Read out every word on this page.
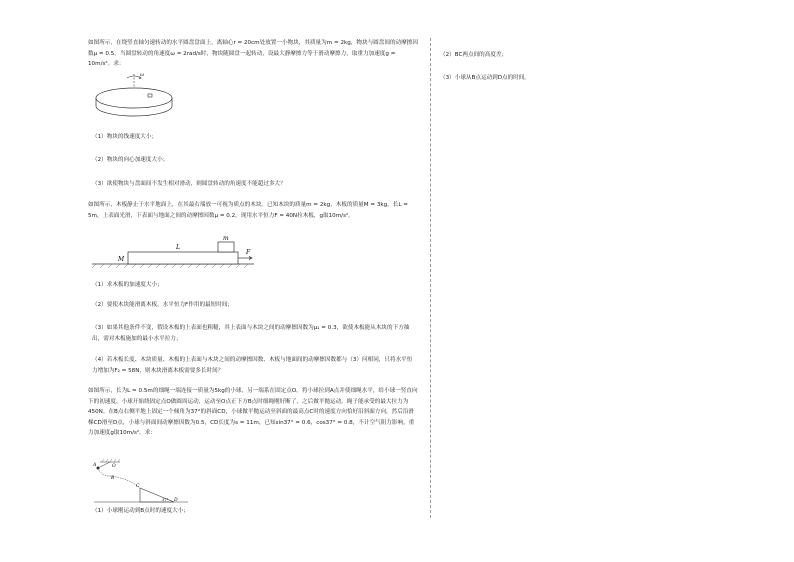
如图所示，在绕竖直轴匀速转动的水平圆盘盘面上，离轴心r = 20cm处放置一小物块，其质量为m = 2kg，物块与圆盘间的动摩擦因数μ = 0.5。当圆盘转动的角速度ω = 2rad/s时，物块随圆盘一起转动，设最大静摩擦力等于滑动摩擦力，取重力加速度g = 10m/s²。求：
ω
（1）物块的线速度大小；
（2）物块的向心加速度大小；
（3）欲使物块与盘面间不发生相对滑动，则圆盘转动的角速度不能超过多大？
如图所示，木板静止于水平地面上，在其最右端放一可视为质点的木块。已知木块的质量m = 2kg，木板的质量M = 3kg，长L = 5m，上表面光滑，下表面与地面之间的动摩擦因数μ = 0.2。现用水平恒力F = 40N拉木板，g取10m/s²。
L
m
M
F
（1）求木板的加速度大小；
（2）要使木块能滑离木板，水平恒力F作用的最短时间；
（3）如果其他条件不变，假设木板的上表面也粗糙，其上表面与木块之间的动摩擦因数为μ₁ = 0.3，欲使木板能从木块的下方抽出，需对木板施加的最小水平拉力；
（4）若木板长度、木块质量、木板的上表面与木块之间的动摩擦因数、木板与地面间的动摩擦因数都与（3）问相同，只将水平恒力增加为F₂ = 58N，则木块滑离木板需要多长时间？
如图所示，长为L = 0.5m的细绳一端连接一质量为5kg的小球，另一端系在固定点O。将小球拉到A点并使细绳水平，给小球一竖直向下的初速度，小球开始绕固定点O做圆周运动，运动至O点正下方B点时细绳刚好断了，之后做平抛运动，绳子能承受的最大拉力为450N。在B点右侧平地上固定一个倾角为37°的斜面CD，小球做平抛运动至斜面的最高点C时的速度方向恰好沿斜面方向，然后沿滑梯CD滑至D点，小球与斜面间动摩擦因数为0.5，CD长度为s = 11m，已知sin37° = 0.6，cos37° = 0.8，不计空气阻力影响，重力加速度g取10m/s²，求：
A	O
B
C
D
37°
（1）小球刚运动到B点时的速度大小；
（2）BC两点间的高度差；
（3）小球从B点运动到D点的时间。
